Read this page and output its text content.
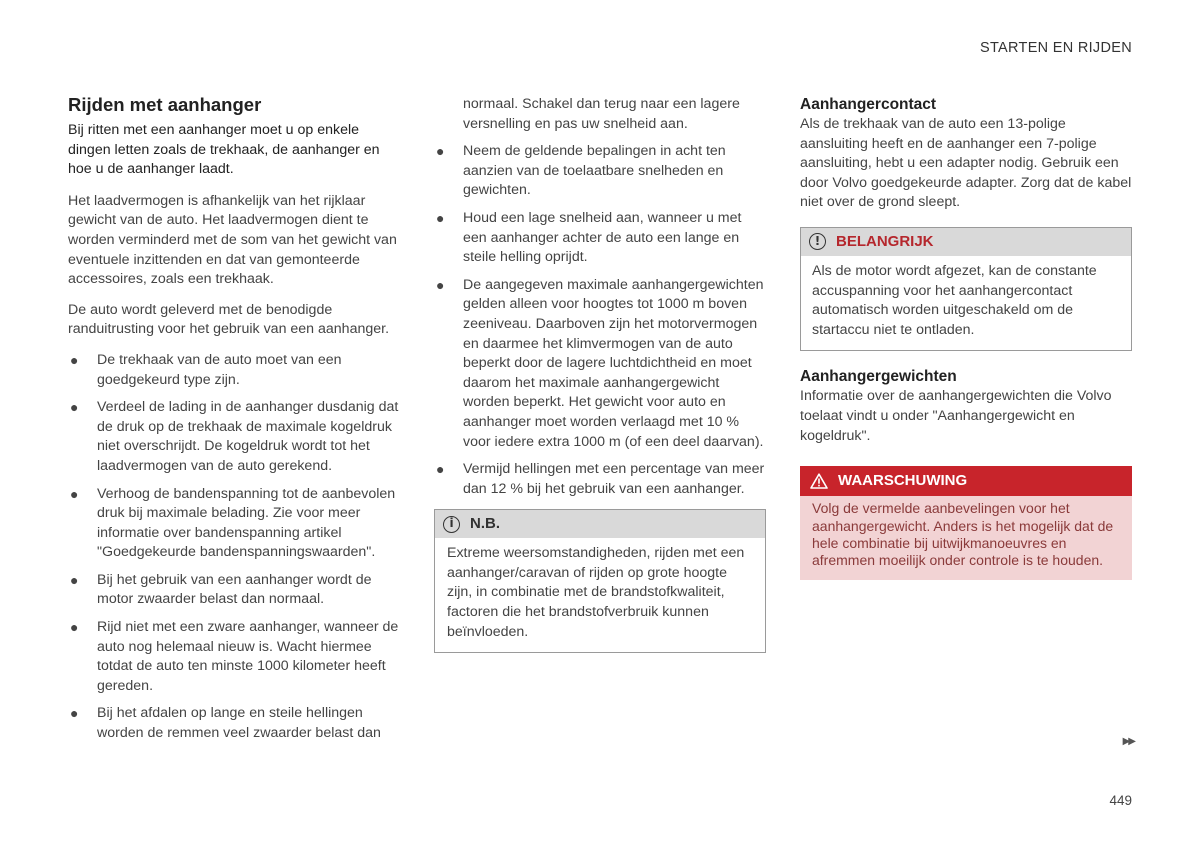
STARTEN EN RIJDEN
Rijden met aanhanger

Bij ritten met een aanhanger moet u op enkele dingen letten zoals de trekhaak, de aanhanger en hoe u de aanhanger laadt.

Het laadvermogen is afhankelijk van het rijklaar gewicht van de auto. Het laadvermogen dient te worden verminderd met de som van het gewicht van eventuele inzittenden en dat van gemonteerde accessoires, zoals een trekhaak.

De auto wordt geleverd met de benodigde randuitrusting voor het gebruik van een aanhanger.

● De trekhaak van de auto moet van een goedgekeurd type zijn.
● Verdeel de lading in de aanhanger dusdanig dat de druk op de trekhaak de maximale kogeldruk niet overschrijdt. De kogeldruk wordt tot het laadvermogen van de auto gerekend.
● Verhoog de bandenspanning tot de aanbevolen druk bij maximale belading. Zie voor meer informatie over bandenspanning artikel "Goedgekeurde bandenspanningswaarden".
● Bij het gebruik van een aanhanger wordt de motor zwaarder belast dan normaal.
● Rijd niet met een zware aanhanger, wanneer de auto nog helemaal nieuw is. Wacht hiermee totdat de auto ten minste 1000 kilometer heeft gereden.
● Bij het afdalen op lange en steile hellingen worden de remmen veel zwaarder belast dan

normaal. Schakel dan terug naar een lagere versnelling en pas uw snelheid aan.

● Neem de geldende bepalingen in acht ten aanzien van de toelaatbare snelheden en gewichten.
● Houd een lage snelheid aan, wanneer u met een aanhanger achter de auto een lange en steile helling oprijdt.
● De aangegeven maximale aanhangergewichten gelden alleen voor hoogtes tot 1000 m boven zeeniveau. Daarboven zijn het motorvermogen en daarmee het klimvermogen van de auto beperkt door de lagere luchtdichtheid en moet daarom het maximale aanhangergewicht worden beperkt. Het gewicht voor auto en aanhanger moet worden verlaagd met 10 % voor iedere extra 1000 m (of een deel daarvan).
● Vermijd hellingen met een percentage van meer dan 12 % bij het gebruik van een aanhanger.
i	N.B.
Extreme weersomstandigheden, rijden met een aanhanger/caravan of rijden op grote hoogte zijn, in combinatie met de brandstofkwaliteit, factoren die het brandstofverbruik kunnen beïnvloeden.
Aanhangercontact

Als de trekhaak van de auto een 13-polige aansluiting heeft en de aanhanger een 7-polige aansluiting, hebt u een adapter nodig. Gebruik een door Volvo goedgekeurde adapter. Zorg dat de kabel niet over de grond sleept.

!	BELANGRIJK
Als de motor wordt afgezet, kan de constante accuspanning voor het aanhangercontact automatisch worden uitgeschakeld om de startaccu niet te ontladen.
Aanhangergewichten

Informatie over de aanhangergewichten die Volvo toelaat vindt u onder "Aanhangergewicht en kogeldruk".

WAARSCHUWING
Volg de vermelde aanbevelingen voor het aanhangergewicht. Anders is het mogelijk dat de hele combinatie bij uitwijkmanoeuvres en afremmen moeilijk onder controle is te houden.
▶▶
449
